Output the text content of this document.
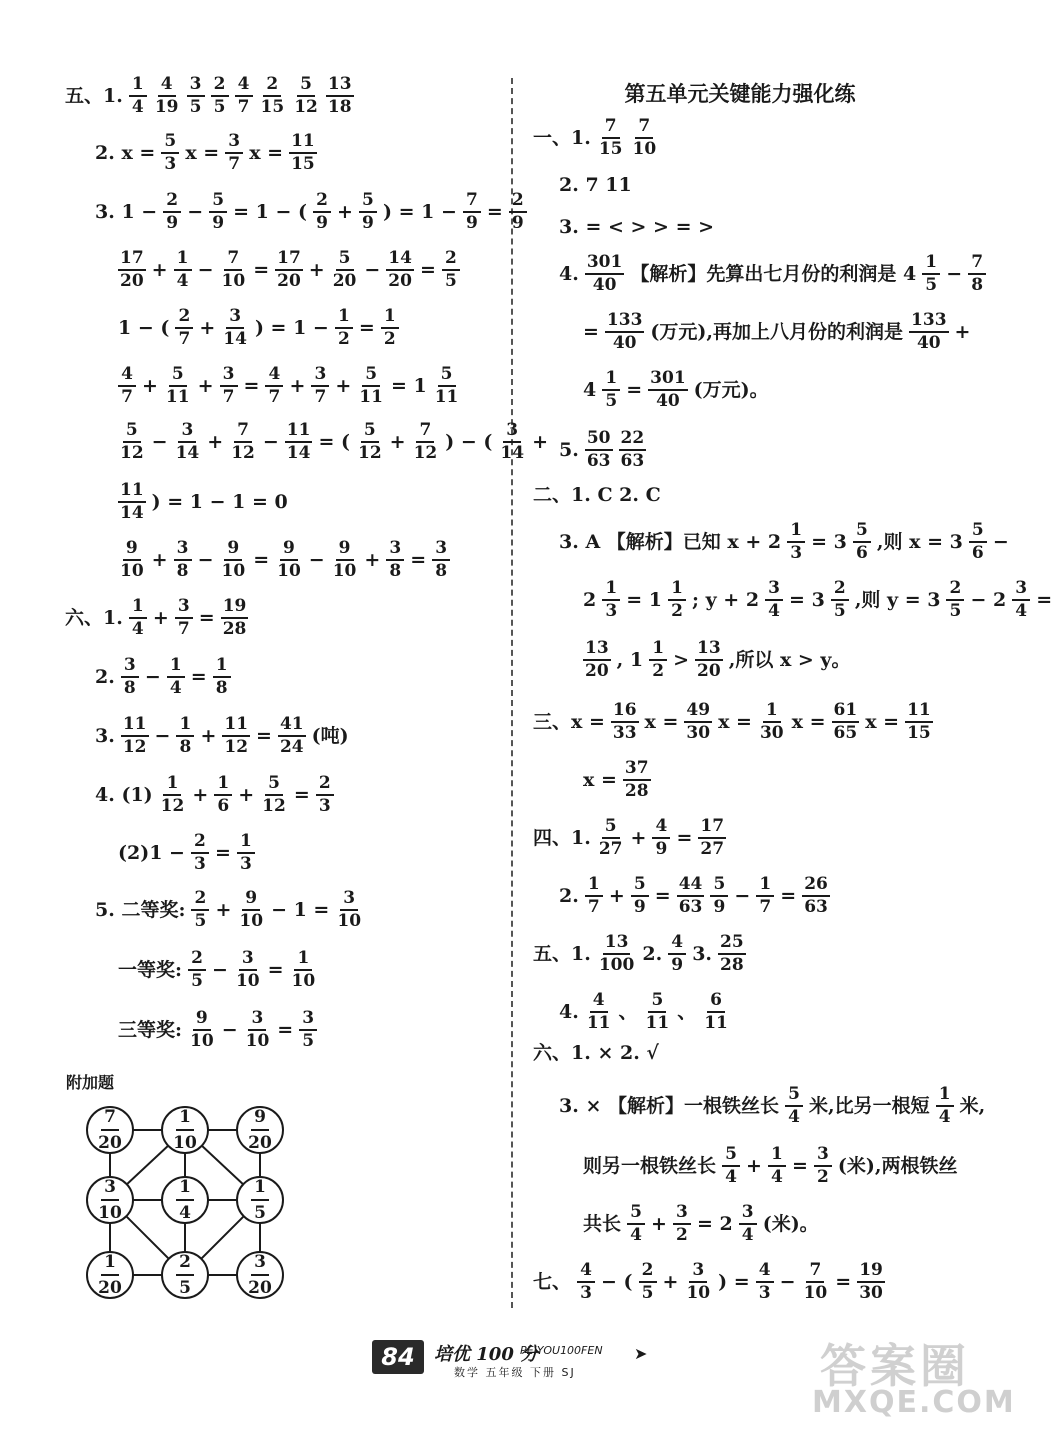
五、1. $\frac{1}{4} \frac{4}{19} \frac{3}{5} \frac{2}{5} \frac{4}{7} \frac{2}{15} \frac{5}{12} \frac{13}{18}$
2. $x = \frac{5}{3}$ $x = \frac{3}{7}$ $x = \frac{11}{15}$
3. $1 - \frac{2}{9} - \frac{5}{9} = 1$ − ( $\frac{2}{9} + \frac{5}{9}$ ) = $1 - \frac{7}{9} = \frac{2}{9}$
$\frac{17}{20} + \frac{1}{4} - \frac{7}{10} = \frac{17}{20} + \frac{5}{20} - \frac{14}{20} = \frac{2}{5}$
1 − ( $\frac{2}{7} + \frac{3}{14}$ ) = $1 - \frac{1}{2} = \frac{1}{2}$
$\frac{4}{7} + \frac{5}{11} + \frac{3}{7} = \frac{4}{7} + \frac{3}{7} + \frac{5}{11} = 1 \frac{5}{11}$
$\frac{5}{12} - \frac{3}{14} + \frac{7}{12} - \frac{11}{14}$ = ( $\frac{5}{12} + \frac{7}{12}$ ) − ( $\frac{3}{14}$ +
$\frac{11}{14}$ ) = 1 − 1 = 0
$\frac{9}{10} + \frac{3}{8} - \frac{9}{10} = \frac{9}{10} - \frac{9}{10} + \frac{3}{8} = \frac{3}{8}$
六、1. $\frac{1}{4} + \frac{3}{7} = \frac{19}{28}$
2. $\frac{3}{8} - \frac{1}{4} = \frac{1}{8}$
3. $\frac{11}{12} - \frac{1}{8} + \frac{11}{12} = \frac{41}{24}$ (吨)
4. $(1) \frac{1}{12} + \frac{1}{6} + \frac{5}{12} = \frac{2}{3}$
$(2)1 - \frac{2}{3} = \frac{1}{3}$
5. 二等奖: $\frac{2}{5} + \frac{9}{10} - 1 = \frac{3}{10}$
一等奖: $\frac{2}{5} - \frac{3}{10} = \frac{1}{10}$
三等奖: $\frac{9}{10} - \frac{3}{10} = \frac{3}{5}$
第五单元关键能力强化练
一、1. $\frac{7}{15} \frac{7}{10}$
2. 7 11
3. = < > > = >
4. $\frac{301}{40}$ 【解析】先算出七月份的利润是 $4 \frac{1}{5} - \frac{7}{8}$
= $\frac{133}{40}$ (万元),再加上八月份的利润是 $\frac{133}{40}$ +
$4 \frac{1}{5} = \frac{301}{40}$ (万元)。
5. $\frac{50}{63} \frac{22}{63}$
二、1. C 2. C
3. A 【解析】已知 $x + 2 \frac{1}{3} = 3 \frac{5}{6}$ ,则 $x = 3 \frac{5}{6}$ −
$2 \frac{1}{3} = 1 \frac{1}{2}$ ; $y + 2 \frac{3}{4} = 3 \frac{2}{5}$ ,则 $y = 3 \frac{2}{5} - 2 \frac{3}{4}$ =
$\frac{13}{20}$ , $1 \frac{1}{2} > \frac{13}{20}$ ,所以 x > y。
三、$x = \frac{16}{33}$ $x = \frac{49}{30}$ $x = \frac{1}{30}$ $x = \frac{61}{65}$ $x = \frac{11}{15}$
$x = \frac{37}{28}$
四、1. $\frac{5}{27} + \frac{4}{9} = \frac{17}{27}$
2. $\frac{1}{7} + \frac{5}{9} = \frac{44}{63} \frac{5}{9} - \frac{1}{7} = \frac{26}{63}$
五、1. $\frac{13}{100} 2$. $\frac{4}{9} 3$. $\frac{25}{28}$
4. $\frac{4}{11}$ 、 $\frac{5}{11}$ 、 $\frac{6}{11}$
六、1. × 2. √
3. × 【解析】一根铁丝长 $\frac{5}{4}$ 米,比另一根短 $\frac{1}{4}$ 米,
则另一根铁丝长 $\frac{5}{4} + \frac{1}{4} = \frac{3}{2}$ (米),两根铁丝
共长 $\frac{5}{4} + \frac{3}{2} = 2 \frac{3}{4}$ (米)。
七、 $\frac{4}{3}$ − ( $\frac{2}{5} + \frac{3}{10}$ ) = $\frac{4}{3} - \frac{7}{10} = \frac{19}{30}$
附加题
$\frac{7}{20}$	$\frac{1}{10}$	$\frac{9}{20}$
$\frac{3}{10}$	$\frac{1}{4}$	$\frac{1}{5}$
$\frac{1}{20}$	$\frac{2}{5}$	$\frac{3}{20}$
84	培优 100 分
PEIYOU100FEN
数学 五年级 下册 SJ
➤	答案圈
MXQE.COM
